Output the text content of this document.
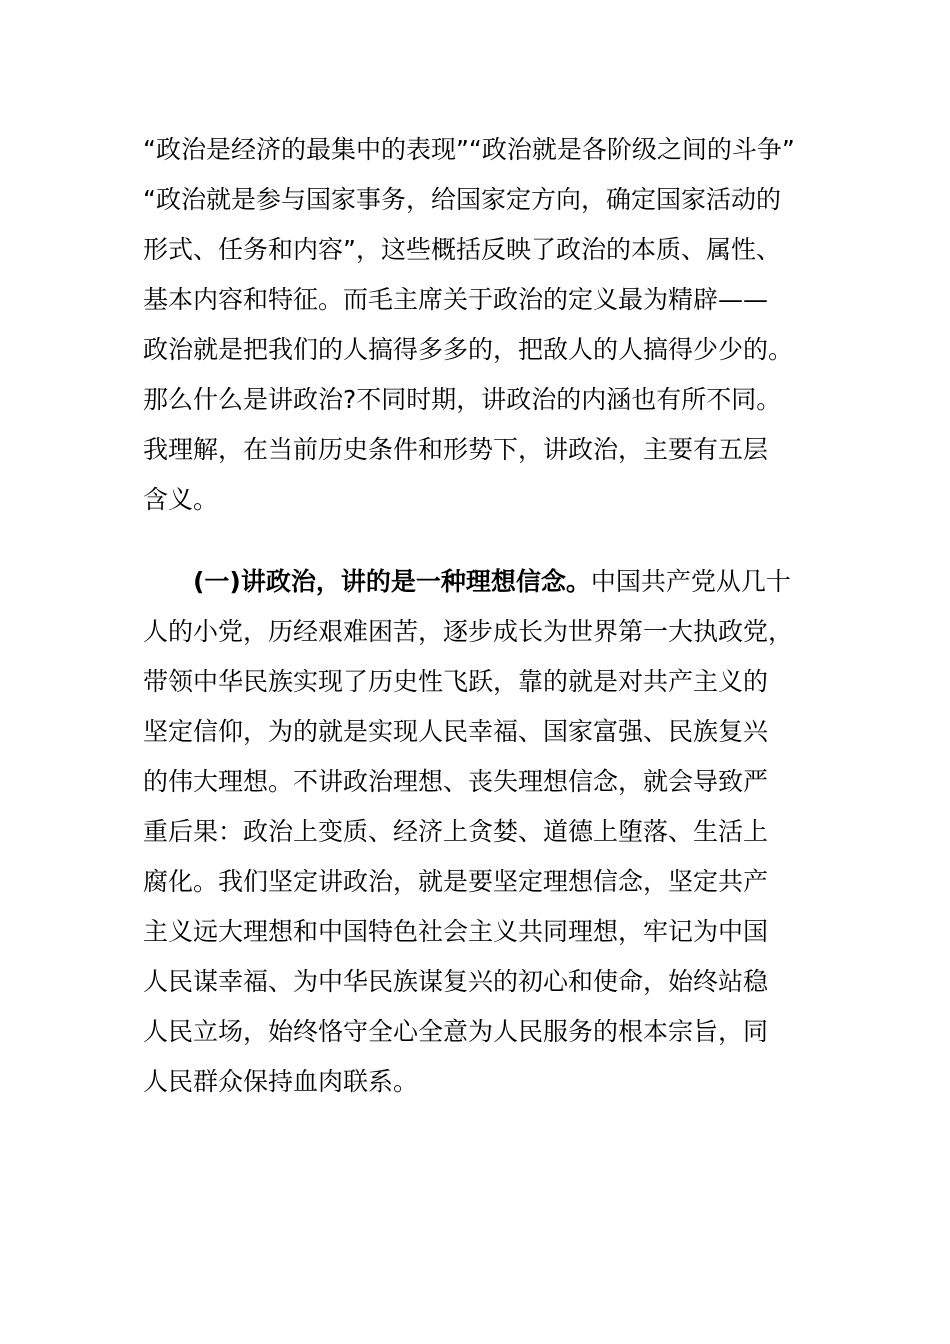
“政治是经济的最集中的表现”“政治就是各阶级之间的斗争”
“政治就是参与国家事务，给国家定方向，确定国家活动的
形式、任务和内容”，这些概括反映了政治的本质、属性、
基本内容和特征。而毛主席关于政治的定义最为精辟——
政治就是把我们的人搞得多多的，把敌人的人搞得少少的。
那么什么是讲政治?不同时期，讲政治的内涵也有所不同。
我理解，在当前历史条件和形势下，讲政治，主要有五层
含义。
(一)讲政治，讲的是一种理想信念。中国共产党从几十
人的小党，历经艰难困苦，逐步成长为世界第一大执政党，
带领中华民族实现了历史性飞跃，靠的就是对共产主义的
坚定信仰，为的就是实现人民幸福、国家富强、民族复兴
的伟大理想。不讲政治理想、丧失理想信念，就会导致严
重后果：政治上变质、经济上贪婪、道德上堕落、生活上
腐化。我们坚定讲政治，就是要坚定理想信念，坚定共产
主义远大理想和中国特色社会主义共同理想，牢记为中国
人民谋幸福、为中华民族谋复兴的初心和使命，始终站稳
人民立场，始终恪守全心全意为人民服务的根本宗旨，同
人民群众保持血肉联系。
